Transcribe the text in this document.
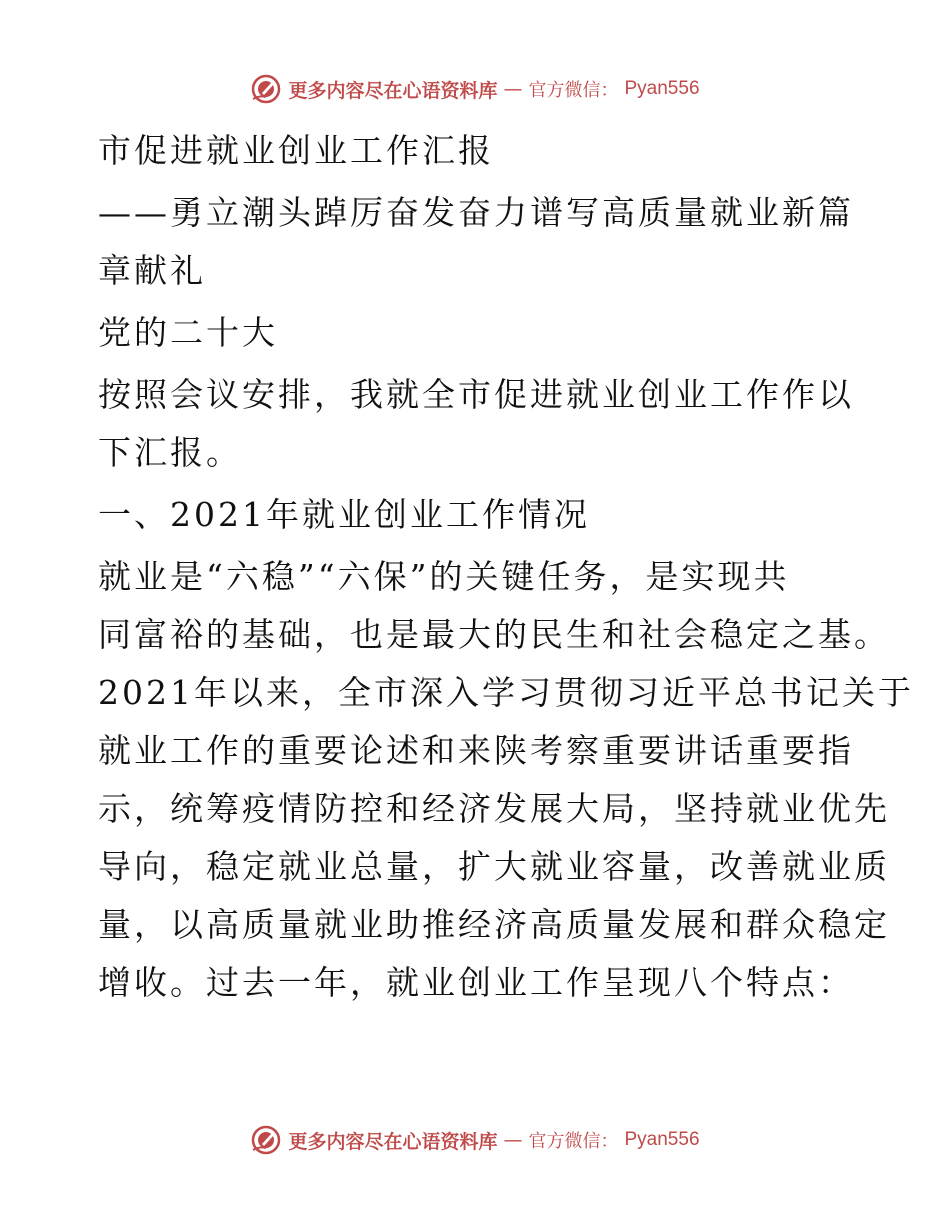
更多内容尽在心语资料库 — 官方微信： Pyan556

市促进就业创业工作汇报

——勇立潮头踔厉奋发奋力谱写高质量就业新篇

章献礼

党的二十大

按照会议安排，我就全市促进就业创业工作作以

下汇报。

一、2021年就业创业工作情况

就业是“六稳”“六保”的关键任务，是实现共

同富裕的基础，也是最大的民生和社会稳定之基。

2021年以来，全市深入学习贯彻习近平总书记关于

就业工作的重要论述和来陕考察重要讲话重要指

示，统筹疫情防控和经济发展大局，坚持就业优先

导向，稳定就业总量，扩大就业容量，改善就业质

量，以高质量就业助推经济高质量发展和群众稳定

增收。过去一年，就业创业工作呈现八个特点：

更多内容尽在心语资料库 — 官方微信： Pyan556
